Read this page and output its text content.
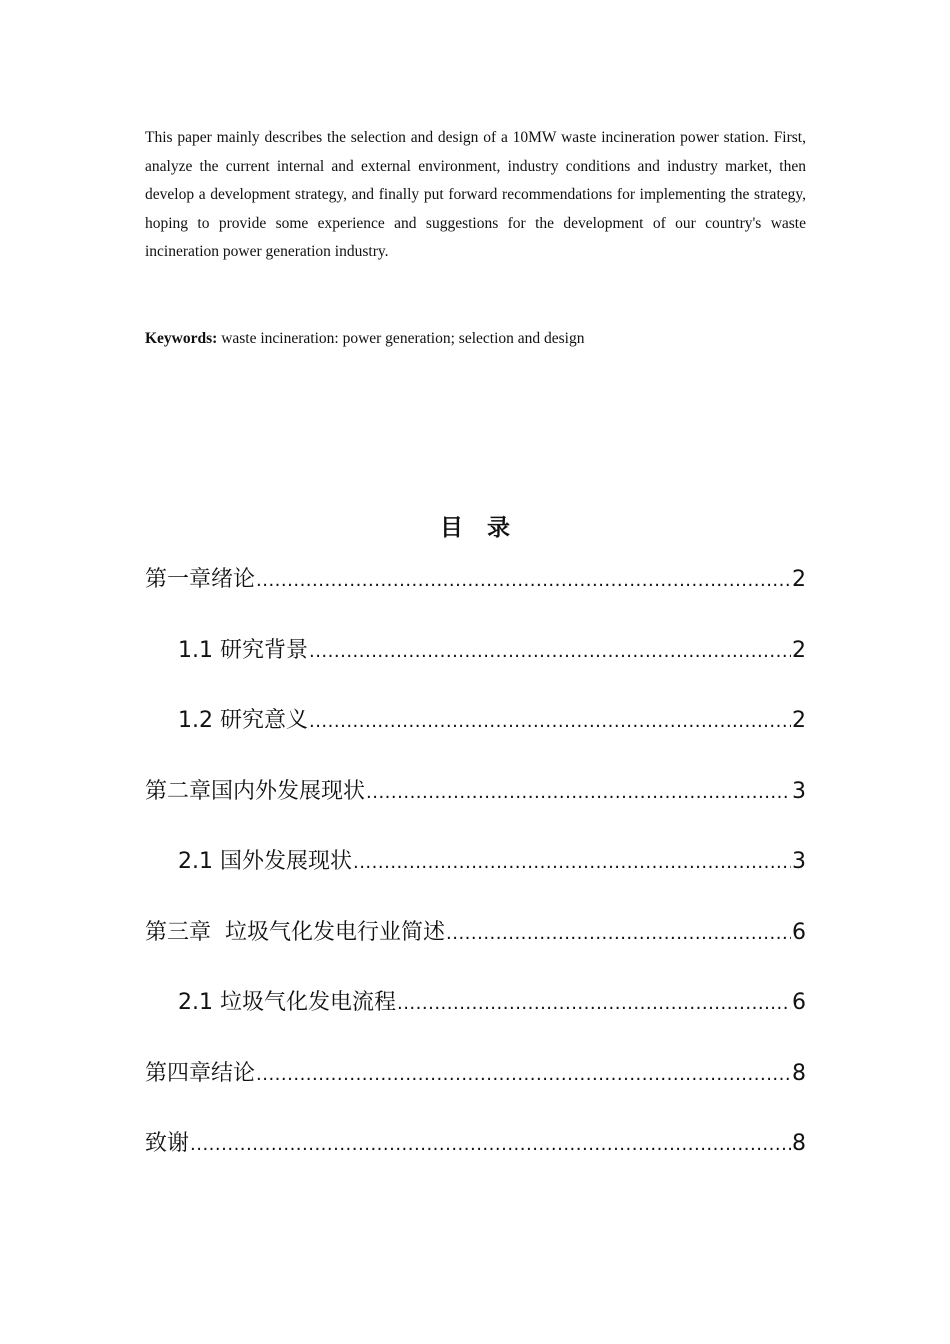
This paper mainly describes the selection and design of a 10MW waste incineration power station. First, analyze the current internal and external environment, industry conditions and industry market, then develop a development strategy, and finally put forward recommendations for implementing the strategy, hoping to provide some experience and suggestions for the development of our country's waste incineration power generation industry.

Keywords: waste incineration: power generation; selection and design

目录
第一章绪论 .....	2
1.1 研究背景 .....	2
1.2 研究意义 .....	2
第二章国内外发展现状 .....	3
2.1 国外发展现状 .....	3
第三章  垃圾气化发电行业简述 .....	6
2.1 垃圾气化发电流程 .....	6
第四章结论 .....	8
致谢 .....	8
